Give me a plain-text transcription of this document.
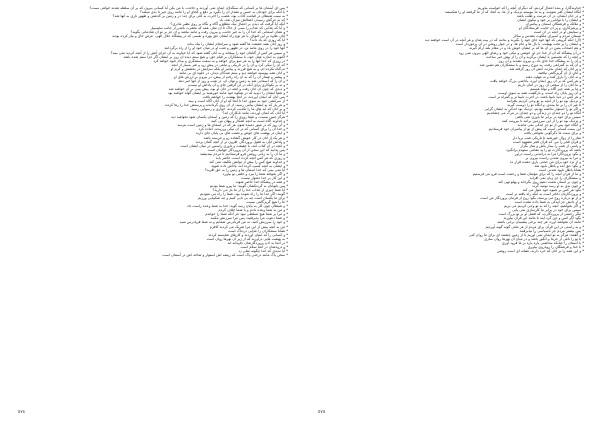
* پس ای آسمان ها بر کسانی که سنگدلان ایمان نمی آوردند و حاجت، با من بکن آیا کسانی بیرون که بر آن سلطه شدند خواهی بست؟

* یا آنکه برای خودتان به حسن و مقدار آن را بگیرد بر دفع و کجای او را مانند روی خیر تا بدی میکند؟

* به سبب شیطان در قیامت کاذب بود، غضب را آخرت به کلی برای چه؛ در و زمین بر گذشتن و طهور ناری به آنها شد؟

* که به جرگش رسیدن اعمالش میزان شد، باد

* آنکه آیا گرفت که دیدن بر اعمال نیک مطلع و آگاه و نگاه بر روی نظیر مادری؟

* و آیا که عذابی که عذاب را بسی از خاک تا آن نماز، همه که مغفرت باشی از جانب سلسبیل

* و همان آسمانی که خدا آن را به خیر جانب، و بیرون رفت و مانند نباشد و آن جز بر تو آن شادمانی بگوید؟

* آنان علاوه بر این اموال، با هر نوع راه ایشان حق بهره و نفسی که در پیشگاه جلال الهی، عرض حال و نیاز کرده بودند

* آیا که روزی که یاد داند؟

* و روز آنان همه حقیقت ها گفته شود و سرانجام ایشان را نیک بداند

* آنها خود را در روی مانند تن، در ظهور و شب او در میان خود او را از راه برگردانند

* و سپس هر کس از گناهان خود را بپیچاند و به آنان گفته شود که آیا خداوند به آن جزای آتش را از آنچه کردید نمی بیند؟

* اکنون به اندازه عمل خود، با ستمکاران بر قیام حق، و هیچ ستم دیده آن روز بر ایشان اگر جزا ستم شده باشد

* در روزی که خدا آنها را به هر سو برای خواهد و به سمت ستمگری و بیداد نابود خواهد کرد

* که آن را نیکی کرد و آن را در تاریکی و تباهی در پیش رو، و شر بسیار از آنچه

* نه گناه نکرده ام، و به هیچ فرزند و پیامبر او بلکه سزایش در بخشش و کرم او

* و آنان همه پیوسته خواهند دید و ستم شدگان دیدار، در جلوه ای بی مانند

* و بیشتر و شمار آن را که به آن راه رفت از پیش، در بیرون بر ارزش های او

* و آن را که آسمانی شد به زمین و نهان آن، در شب و روز از آنها خبر دهد

* و نه بر نکوکاری برای آنکه در آن گرفتن جای و آن پاداش او نیست

* و دیدی که چون آن جان رفت و آنچه در جان او بود، پیش بینی بر آن خواهند شد

* و شما ایشان را دیدید که در شکوه خود مانند خورشید بر ایشان گواه خواهند بود

* پس آنان که ایمان آوردند، در آنجا بهشت را خواهند یافت

* از سرکشی خود به سوی خدا تا آنجا که او از آنان آگاه است و بیند

* و هر بار که به ایشان پیامی رسید، از آن روی گرداندند و پرستش خدا را رها کردند

* و بر آنان که آیه های ما را تکذیب کردند، خواری و رسوایی رسید

* آیا آنان که ایمان آوردند، مانند نابکاران اند؟

* هرگز چنین نیست، و شما روزی را که زمین و آسمان یکسان شود نخواهید دید

* و خداوند آگاه است به آنچه آشکار و پنهان می کنید

* و آن روز که در صور دمیده شود، هر که در آسمان ها و زمین است بترسد

* و خدا آن را برای کسانی که در آن نیکی ورزیدند، آماده کرد

* و اینان در بهشت های خوش و نعمت های بی پایان جای دارند

* و هر یک از آنان در کار خویش گشاده رو و خرسند باشد

* و پاداش آنان به فضل پروردگار، افزون تر از آنچه گمان بردند

* و آنچه در آن کتاب آمد، با حقیقت و داوری راستین در میان ایشان است

* پس بدانید که این سخن از آن پروردگار جهانیان است

* و ما آن را به زبانی روشن فرو فرستادیم تا مردم بیندیشند

* و روزی که هر کس آنچه کرده است، حاضر یابد

* و خداوند هیچ کس را بیش از توانش تکلیف نمی کند

* و ایشان به آنچه کسب کرده اند، پاداش داده شوند

* آیا نمی بینی که خدا آسمان ها و زمین را به حق آفرید؟

* و اگر بخواهد شما را ببرد و خلقی نو بیاورد

* و این کار بر خدا دشوار نیست

* و همه در پیشگاه خدا حاضر شوند

* پس ناتوانان به گردنکشان گویند: ما پیرو شما بودیم

* آیا شما چیزی از عذاب خدا را از ما باز می دارید؟

* گویند: اگر خدا ما را راه نموده بود، شما را راه می نمودیم

* برای ما یکسان است چه بی تابی کنیم و چه شکیبایی ورزیم

* ما را هیچ گریزگاهی نیست

* و شیطان چون کار به پایان رسد گوید: خدا به شما وعده راست داد

* و من به شما وعده دادم و با شما خلاف کردم

* و مرا بر شما هیچ تسلطی نبود جز آنکه شما را خواندم

* و شما دعوت مرا پذیرفتید، پس مرا سرزنش مکنید

* و خود را سرزنش کنید، نه من فریادرس شمایم و نه شما فریادرس منید

* من به آنچه پیش از این مرا شریک می کردید کافرم

* همانا ستمکاران را عذابی دردناک است

* و کسانی را که ایمان آوردند و کارهای شایسته کردند

* به بهشت هایی درآورند که از زیر آن نهرها روان است

* در آنجا به اذن پروردگارشان جاودانه اند

* و درودشان در آنجا سلام است

* آیا ندیدی که خدا چگونه مثلی زد

* سخن پاک مانند درختی پاک است که ریشه اش استوار و شاخه اش در آسمان است

٥٧٤

* خداوندگارا، و بنده اعمال کردیم، که دیگران آنچه را که خواست بیاوریم

* آنگاه ایشان کفر نمودند، و به ما بیوسته نزدیک و از ما، به آنجا، که از ما گرفتند او را شکستند

* و در جان ایشان، در آن مرتبت و طلب باشد

* و ایشان را با توانایی بر خود و نیکوی ایشان

* و ملائک و فرشتگان آسمان و پیامبران

* و پرهیزکاری، و بر آن جانب، فرستادگان او

* و ستایش او در آنچه در آن است

* مستان مردم و اسیران ملکوت مقدس و سالار

* (آل) آنکه گروهی که آنها خود جای خود را بگیرند و بدانند که در بیت شان و هر آنچه در آن است خواهند دید

* و ایشان را بر تخت بهشت، با بال ها و جام ها، و در جوار روشن در آن برخوردار است

* و هم اصحاب یمین در آن ها که بر ایشان خوش باد و در مقام بلند آرام گیرند

* در آن پیشگاه که آن از خدا جز او، خوشی و نیکی خود و رضای الهی بیرون نمی رود

* و آنچه را که نخستین با ایشان برگزید و آن را از پیش خیر ساخت

* و آن را به پیشگاه خدا جای داد، و بیرون نشدند و آن روز

* و آن که به گمراهی رفت، به دوزخ رسید و با ستمکاران هم نشین شد

* و بر آنان که ایمان ندارند، آتش آن روز گرفته شد

* و آنان از آن گریزگاهی نیافتند

* و نه آنان را یاری کنند و نه مهلت دهند

* و هر کس که بر آن روز ایمان آورد، پاداشی بزرگ خواهد یافت

* و ما آنان را از سختی آن روز در امان داریم

* و ما بر همه چیز آگاه و توانا هستیم

* و آن روز پایان راه است، و بازگشت همه به سوی اوست

* و هر کس در دنیا نابینا باشد، در آخرت نابینا تر و گمراه تر است

* و نزدیک بود تو را از آنچه به تو وحی کردیم بلغزانند

* تا غیر آن را بر ما ببندی، و آنگاه تو را دوست گیرند

* و اگر تو را استوار نداشته بودیم، نزدیک بود اندکی به ایشان گرایی

* آنگاه تو را دو چندان در زندگی و دو چندان در مرگ می چشاندیم

* سپس برای خود در برابر ما یاوری نمی یافتی

* و نزدیک بود تو را از این سرزمین برانند تا بیرونت کنند

* و آنگاه خود پس از تو جز اندکی نمی ماندند

* این سنت کسانی است که پیش از تو از پیامبران خود فرستادیم

* و برای سنت ما دگرگونی نخواهی یافت

* نماز را از زوال خورشید تا تاریکی شب برپا دار

* و قرآن فجر را نیز، که قرآن فجر مشهود است

* و پاسی از شب را بیدار باش و نماز بگزار

* باشد که پروردگارت تو را به مقامی ستوده برانگیزد

* و بگو: پروردگارا مرا به درآمدنی راست درآور

* و مرا به بیرون شدنی راست بیرون بر

* و از نزد خود برای من حجتی یاری دهنده قرار ده

* و بگو: حق آمد و باطل نابود شد

* همانا باطل نابود شدنی است

* و ما از قرآن آنچه را که برای مؤمنان شفا و رحمت است فرو می فرستیم

* و ستمکاران را جز زیان نمی افزاید

* و چون بر انسان نعمت دهیم روی بگرداند و پهلو تهی کند

* و چون بدی به او رسد نومید گردد

* بگو: هر کس بر شیوه خود عمل می کند

* و پروردگارتان داناتر است به آنکه راه یافته تر است

* و از تو درباره روح می پرسند، بگو: روح از فرمان پروردگار من است

* و از دانش جز اندکی به شما داده نشده است

* و اگر بخواهیم، آنچه را که به تو وحی کردیم می بریم

* سپس برای خود در برابر ما کارسازی نمی یابی

* مگر رحمتی از پروردگارت، که فضل او بر تو بزرگ است

* بگو: اگر انس و جن گرد آیند تا مانند این قرآن بیاورند

* مانند آن نخواهند آورد، هر چند برخی پشتیبان برخی باشند

* و به راستی در این قرآن برای مردم از هر مثلی گونه گونه آوردیم

* پس بیشتر مردم جز ناسپاسی را نپذیرفتند

* و گفتند: هرگز به تو ایمان نمی آوریم تا از زمین چشمه ای برای ما روان کنی

* یا تو را باغی از خرما و انگور باشد و در میان آن نهرها روان سازی

* یا آسمان را چنانکه پنداشتی پاره پاره بر ما فرود آوری

* یا خدا و فرشتگان را رویاروی بیاوری

* و این همه را بر آنان که خرد دارند، نشانه ای است روشن

٥٧٥
